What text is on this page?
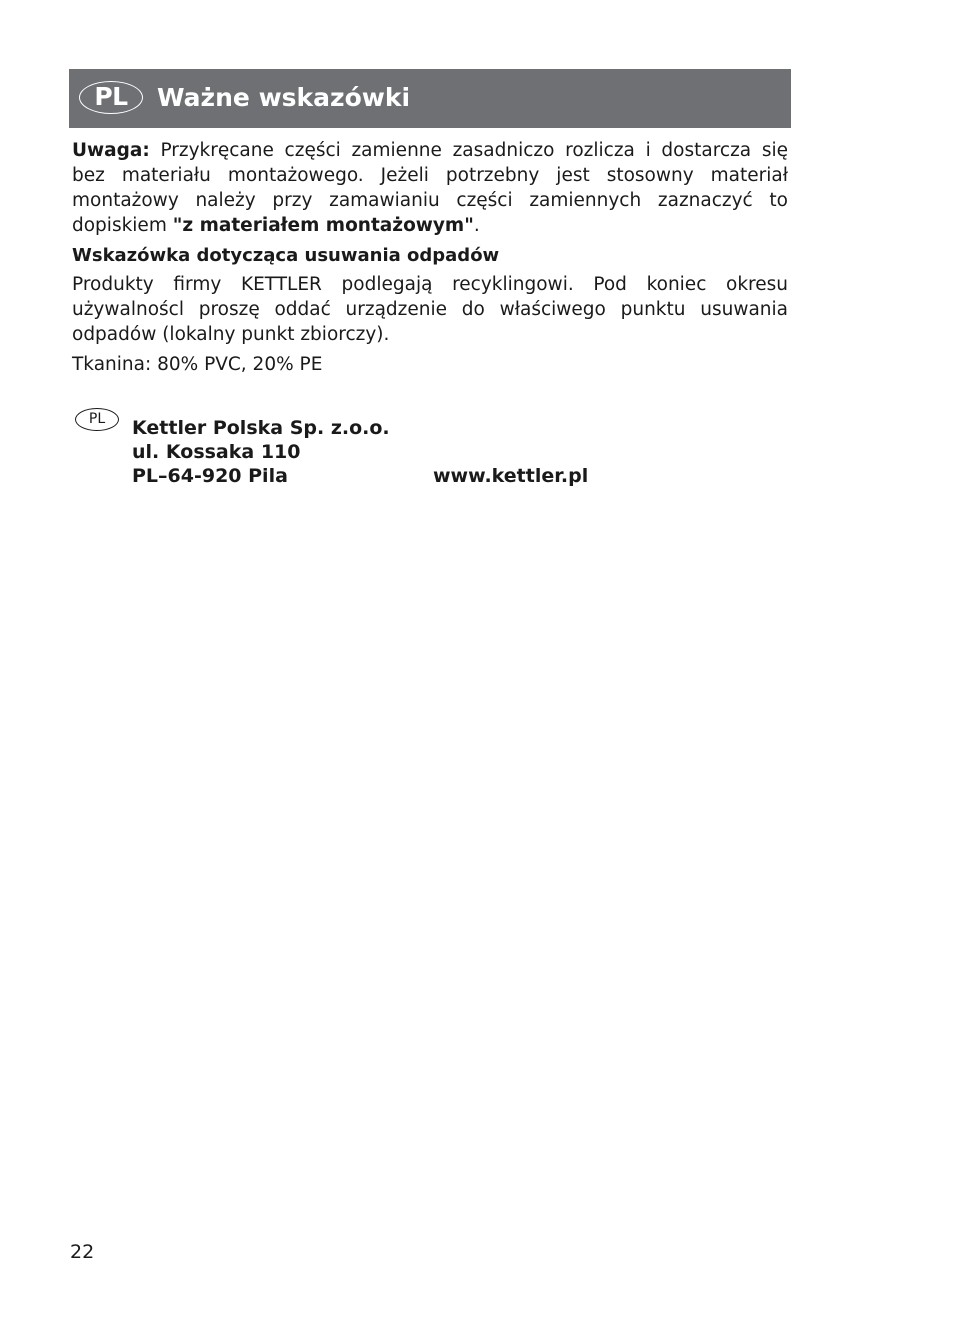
PL	Ważne wskazówki

Uwaga: Przykręcane części zamienne zasadniczo rozlicza i dostarcza się bez materiału montażowego. Jeżeli potrzebny jest stosowny materiał montażowy należy przy zamawianiu części zamiennych zaznaczyć to dopiskiem "z materiałem montażowym".

Wskazówka dotycząca usuwania odpadów

Produkty firmy KETTLER podlegają recyklingowi. Pod koniec okresu używalnoścl proszę oddać urządzenie do właściwego punktu usuwania odpadów (lokalny punkt zbiorczy).

Tkanina: 80% PVC, 20% PE

PL	Kettler Polska Sp. z.o.o.
ul. Kossaka 110
PL–64-920 Pila	www.kettler.pl
22
